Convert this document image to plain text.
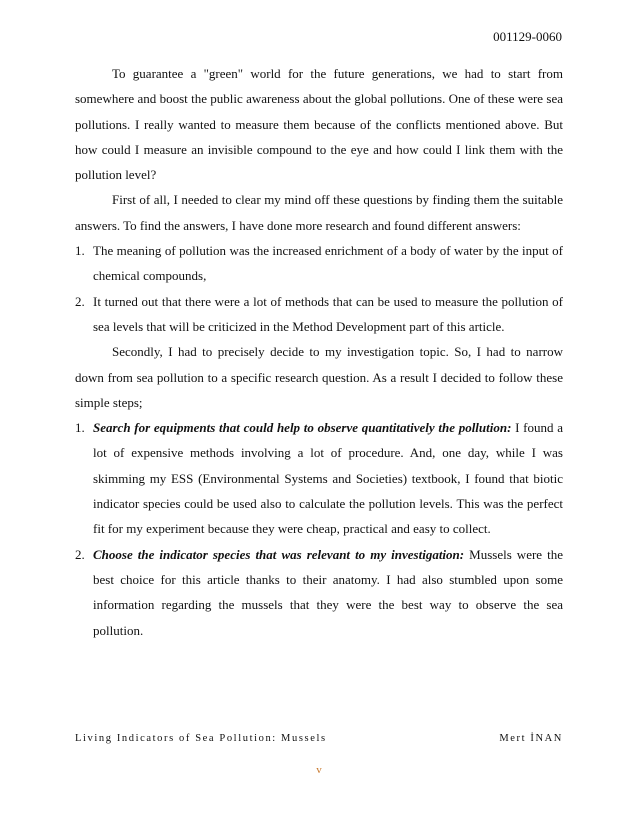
001129-0060

To guarantee a "green" world for the future generations, we had to start from somewhere and boost the public awareness about the global pollutions. One of these were sea pollutions. I really wanted to measure them because of the conflicts mentioned above. But how could I measure an invisible compound to the eye and how could I link them with the pollution level?

First of all, I needed to clear my mind off these questions by finding them the suitable answers. To find the answers, I have done more research and found different answers:

1. The meaning of pollution was the increased enrichment of a body of water by the input of chemical compounds,
2. It turned out that there were a lot of methods that can be used to measure the pollution of sea levels that will be criticized in the Method Development part of this article.

Secondly, I had to precisely decide to my investigation topic. So, I had to narrow down from sea pollution to a specific research question. As a result I decided to follow these simple steps;

1. Search for equipments that could help to observe quantitatively the pollution: I found a lot of expensive methods involving a lot of procedure. And, one day, while I was skimming my ESS (Environmental Systems and Societies) textbook, I found that biotic indicator species could be used also to calculate the pollution levels. This was the perfect fit for my experiment because they were cheap, practical and easy to collect.
2. Choose the indicator species that was relevant to my investigation: Mussels were the best choice for this article thanks to their anatomy. I had also stumbled upon some information regarding the mussels that they were the best way to observe the sea pollution.
Living Indicators of Sea Pollution: Mussels	Mert İNAN
v
